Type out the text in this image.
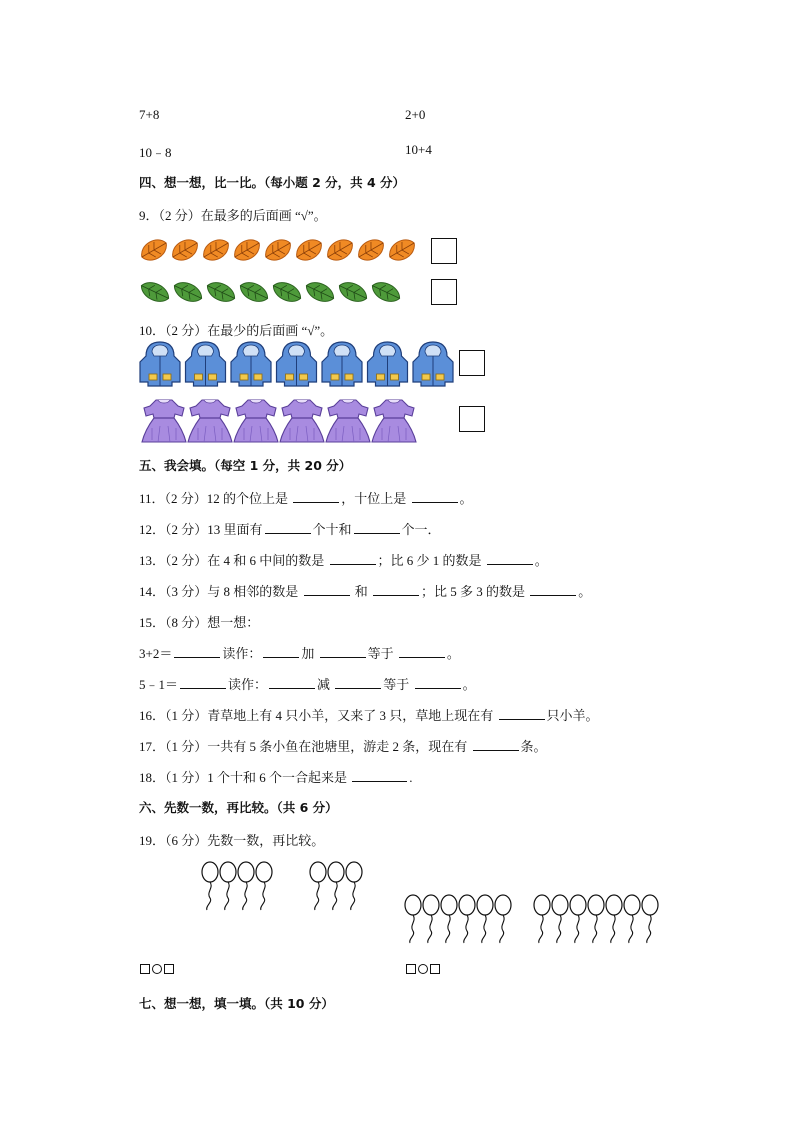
7+8	2+0
10﹣8	10+4
四、想一想，比一比。（每小题 2 分，共 4 分）
9．（2 分）在最多的后面画 “√”。
10．（2 分）在最少的后面画 “√”。
五、我会填。（每空 1 分，共 20 分）
11．（2 分）12 的个位上是	，十位上是	。
12．（2 分）13 里面有	个十和	个一．
13．（2 分）在 4 和 6 中间的数是	；比 6 少 1 的数是	。
14．（3 分）与 8 相邻的数是	和	；比 5 多 3 的数是	。
15．（8 分）想一想：
3+2＝	读作：	加	等于	。
5﹣1＝	读作：	减	等于	。
16．（1 分）青草地上有 4 只小羊，又来了 3 只，草地上现在有	只小羊。
17．（1 分）一共有 5 条小鱼在池塘里，游走 2 条，现在有	条。
18．（1 分）1 个十和 6 个一合起来是	.
六、先数一数，再比较。（共 6 分）
19．（6 分）先数一数，再比较。
七、想一想，填一填。（共 10 分）
